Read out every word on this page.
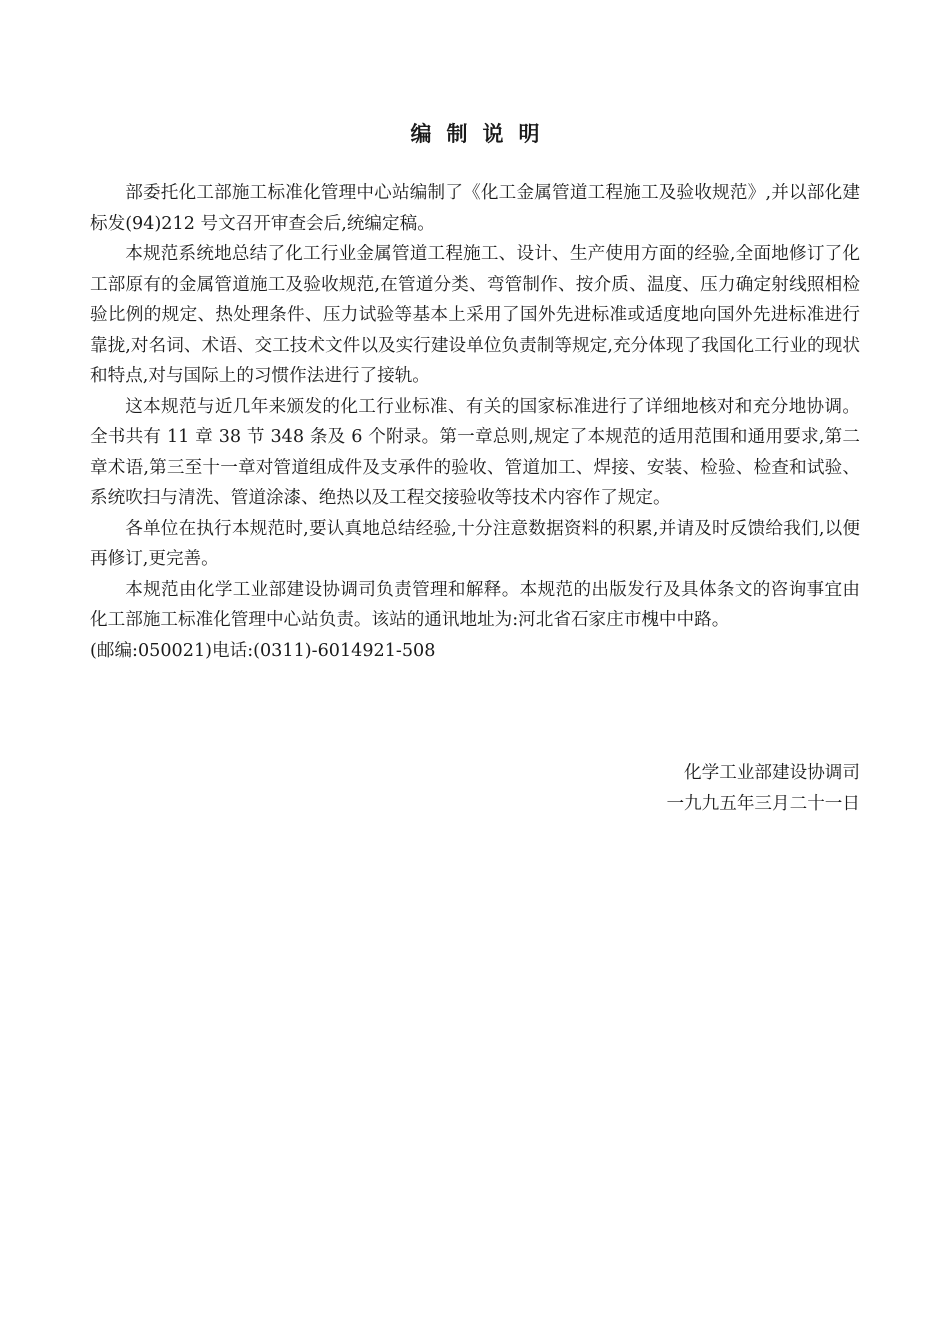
编制说明

部委托化工部施工标准化管理中心站编制了《化工金属管道工程施工及验收规范》,并以部化建标发(94)212 号文召开审查会后,统编定稿。

本规范系统地总结了化工行业金属管道工程施工、设计、生产使用方面的经验,全面地修订了化工部原有的金属管道施工及验收规范,在管道分类、弯管制作、按介质、温度、压力确定射线照相检验比例的规定、热处理条件、压力试验等基本上采用了国外先进标准或适度地向国外先进标准进行靠拢,对名词、术语、交工技术文件以及实行建设单位负责制等规定,充分体现了我国化工行业的现状和特点,对与国际上的习惯作法进行了接轨。

这本规范与近几年来颁发的化工行业标准、有关的国家标准进行了详细地核对和充分地协调。全书共有 11 章 38 节 348 条及 6 个附录。第一章总则,规定了本规范的适用范围和通用要求,第二章术语,第三至十一章对管道组成件及支承件的验收、管道加工、焊接、安装、检验、检查和试验、系统吹扫与清洗、管道涂漆、绝热以及工程交接验收等技术内容作了规定。

各单位在执行本规范时,要认真地总结经验,十分注意数据资料的积累,并请及时反馈给我们,以便再修订,更完善。

本规范由化学工业部建设协调司负责管理和解释。本规范的出版发行及具体条文的咨询事宜由化工部施工标准化管理中心站负责。该站的通讯地址为:河北省石家庄市槐中中路。

(邮编:050021)电话:(0311)-6014921-508

化学工业部建设协调司
一九九五年三月二十一日
